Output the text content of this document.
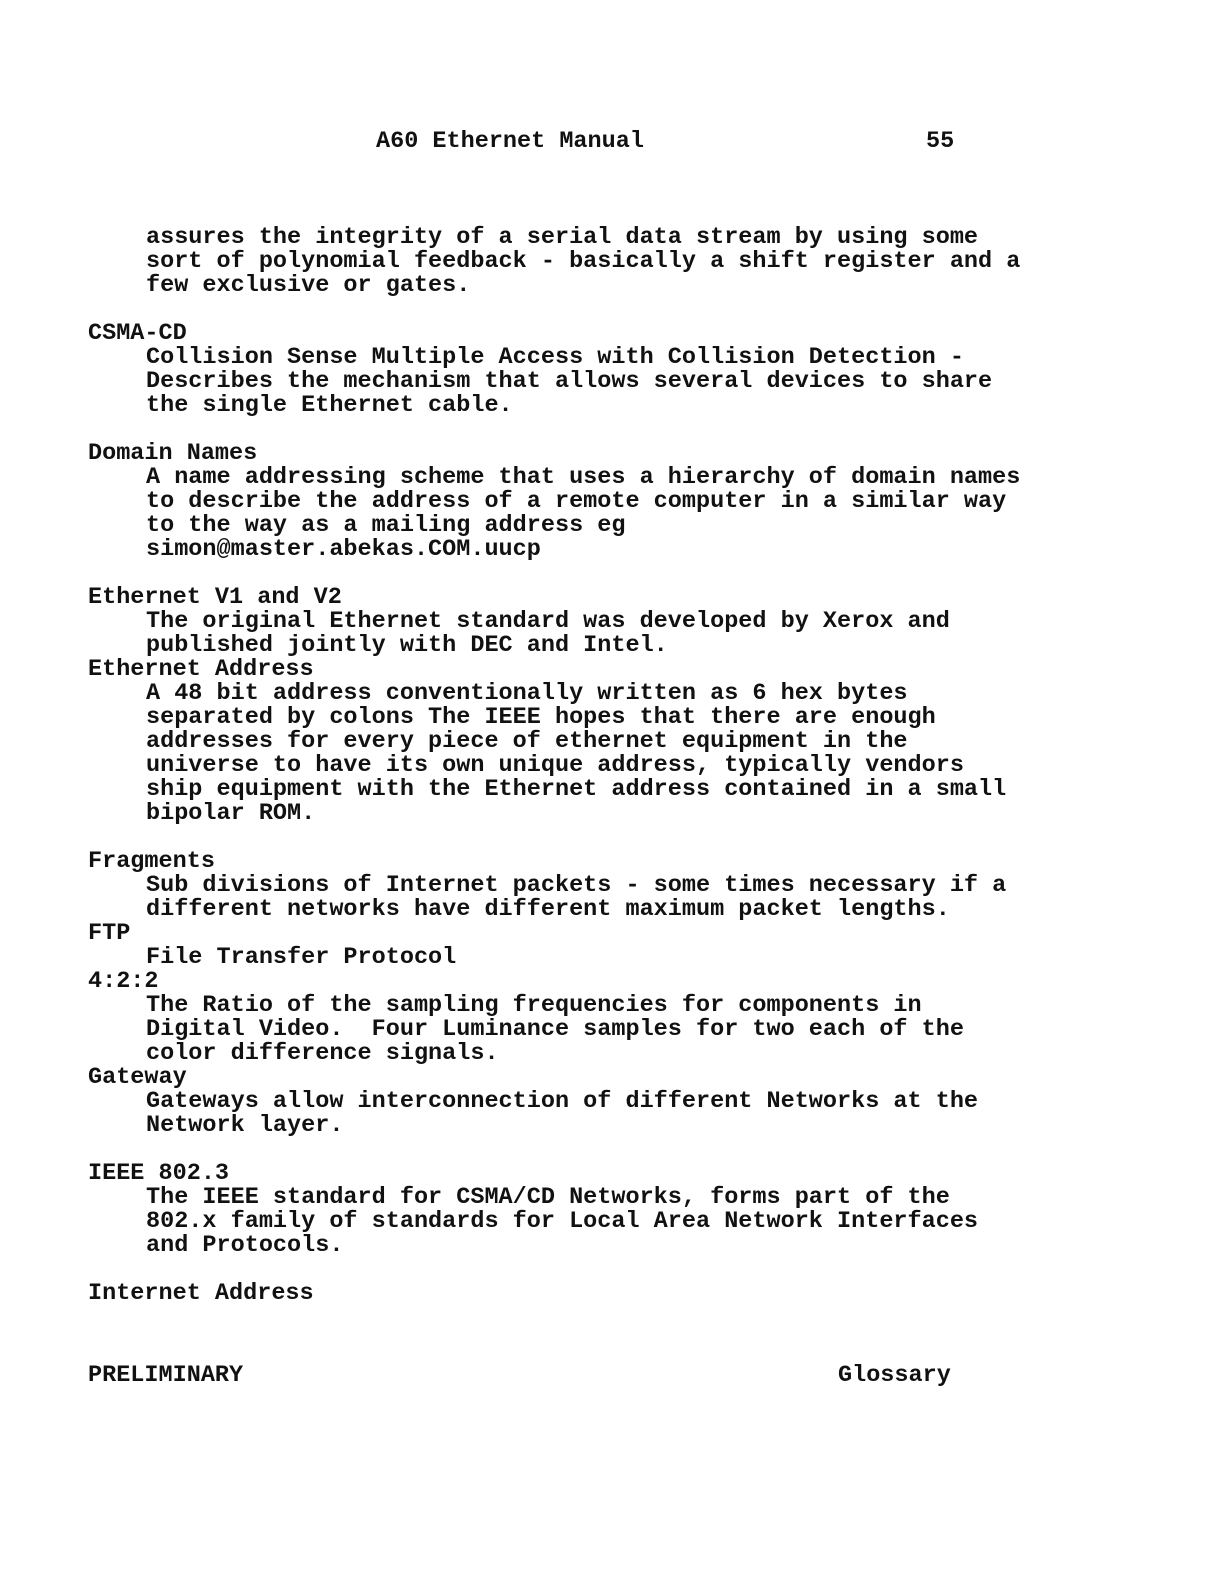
A60 Ethernet Manual	55
assures the integrity of a serial data stream by using some
sort of polynomial feedback - basically a shift register and a
few exclusive or gates.
CSMA-CD
Collision Sense Multiple Access with Collision Detection -
Describes the mechanism that allows several devices to share
the single Ethernet cable.
Domain Names
A name addressing scheme that uses a hierarchy of domain names
to describe the address of a remote computer in a similar way
to the way as a mailing address eg
simon@master.abekas.COM.uucp
Ethernet V1 and V2
The original Ethernet standard was developed by Xerox and
published jointly with DEC and Intel.
Ethernet Address
A 48 bit address conventionally written as 6 hex bytes
separated by colons The IEEE hopes that there are enough
addresses for every piece of ethernet equipment in the
universe to have its own unique address, typically vendors
ship equipment with the Ethernet address contained in a small
bipolar ROM.
Fragments
Sub divisions of Internet packets - some times necessary if a
different networks have different maximum packet lengths.
FTP
File Transfer Protocol
4:2:2
The Ratio of the sampling frequencies for components in
Digital Video.  Four Luminance samples for two each of the
color difference signals.
Gateway
Gateways allow interconnection of different Networks at the
Network layer.
IEEE 802.3
The IEEE standard for CSMA/CD Networks, forms part of the
802.x family of standards for Local Area Network Interfaces
and Protocols.
Internet Address
PRELIMINARY	Glossary
